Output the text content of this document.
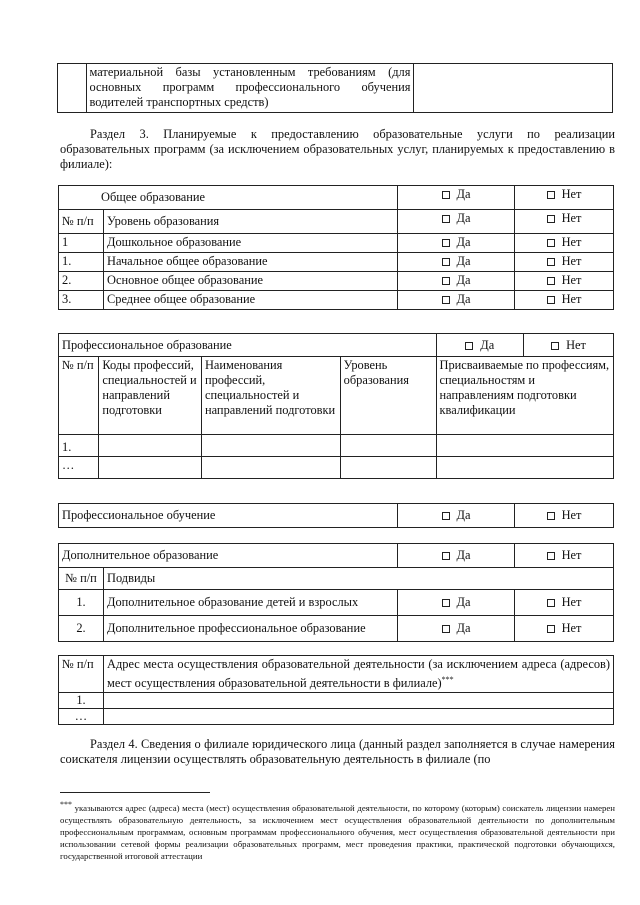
	материальной базы установленным требованиям (для основных программ профессионального обучения водителей транспортных средств)	
Раздел 3. Планируемые к предоставлению образовательные услуги по реализации образовательных программ (за исключением образовательных услуг, планируемых к предоставлению в филиале):
Общее образование		Да	Нет
№ п/п	Уровень образования	Да	Нет
1	Дошкольное образование	Да	Нет
1.	Начальное общее образование	Да	Нет
2.	Основное общее образование	Да	Нет
3.	Среднее общее образование	Да	Нет
Профессиональное образование				Да	Нет
№ п/п	Коды профессий, специальностей и направлений подготовки	Наименования профессий, специальностей и направлений подготовки	Уровень образования	Присваиваемые по профессиям, специальностям и направлениям подготовки квалификации	
1.					
…					
Профессиональное обучение	Да	Нет
Дополнительное образование		Да	Нет
№ п/п	Подвиды		
1.	Дополнительное образование детей и взрослых	Да	Нет
2.	Дополнительное профессиональное образование	Да	Нет
№ п/п	Адрес места осуществления образовательной деятельности (за исключением адреса (адресов) мест осуществления образовательной деятельности в филиале)***
1.	
…	
Раздел 4. Сведения о филиале юридического лица (данный раздел заполняется в случае намерения соискателя лицензии осуществлять образовательную деятельность в филиале (по
*** указываются адрес (адреса) места (мест) осуществления образовательной деятельности, по которому (которым) соискатель лицензии намерен осуществлять образовательную деятельность, за исключением мест осуществления образовательной деятельности по дополнительным профессиональным программам, основным программам профессионального обучения, мест осуществления образовательной деятельности при использовании сетевой формы реализации образовательных программ, мест проведения практики, практической подготовки обучающихся, государственной итоговой аттестации
